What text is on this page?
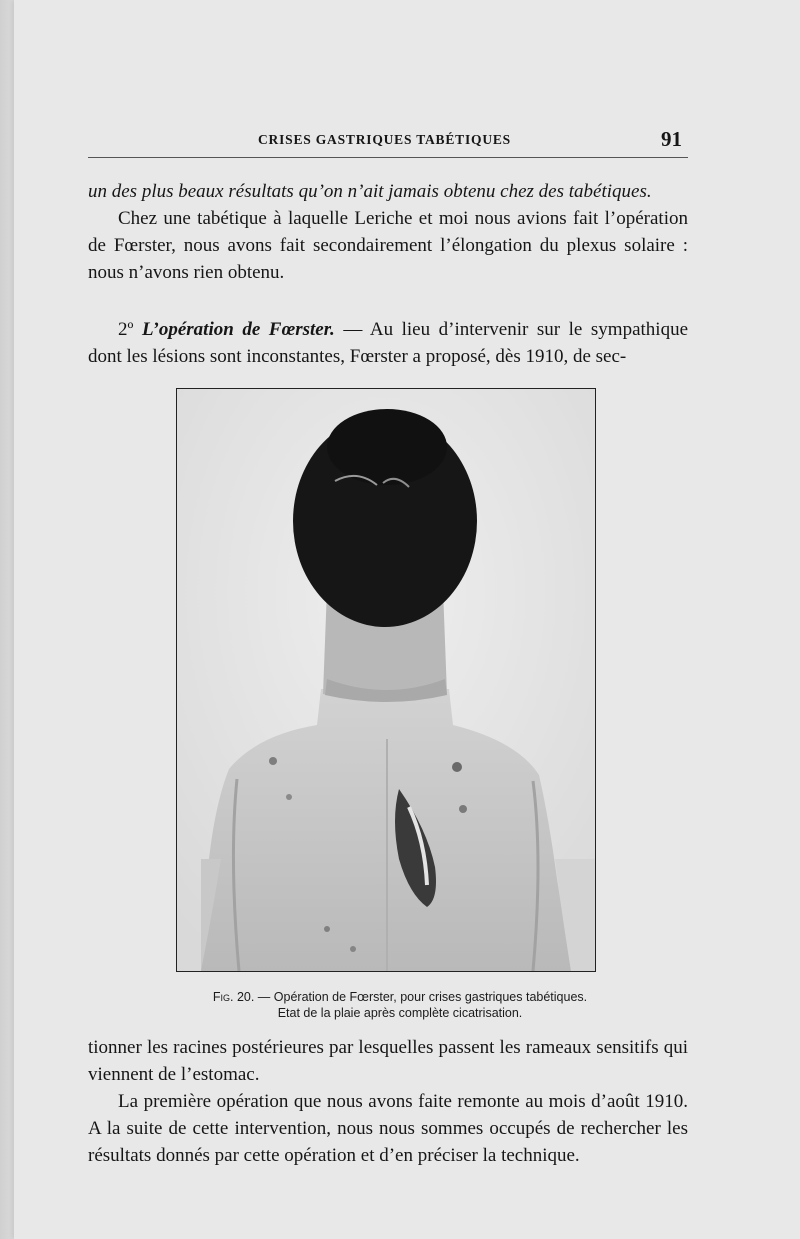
CRISES GASTRIQUES TABÉTIQUES	91

un des plus beaux résultats qu’on n’ait jamais obtenu chez des tabétiques.

Chez une tabétique à laquelle Leriche et moi nous avions fait l’opération de Fœrster, nous avons fait secondairement l’élongation du plexus solaire : nous n’avons rien obtenu.

2º L’opération de Fœrster. — Au lieu d’intervenir sur le sympathique dont les lésions sont inconstantes, Fœrster a proposé, dès 1910, de sec-

Fig. 20. — Opération de Fœrster, pour crises gastriques tabétiques.
Etat de la plaie après complète cicatrisation.

tionner les racines postérieures par lesquelles passent les rameaux sensitifs qui viennent de l’estomac.

La première opération que nous avons faite remonte au mois d’août 1910. A la suite de cette intervention, nous nous sommes occupés de rechercher les résultats donnés par cette opération et d’en préciser la technique.
